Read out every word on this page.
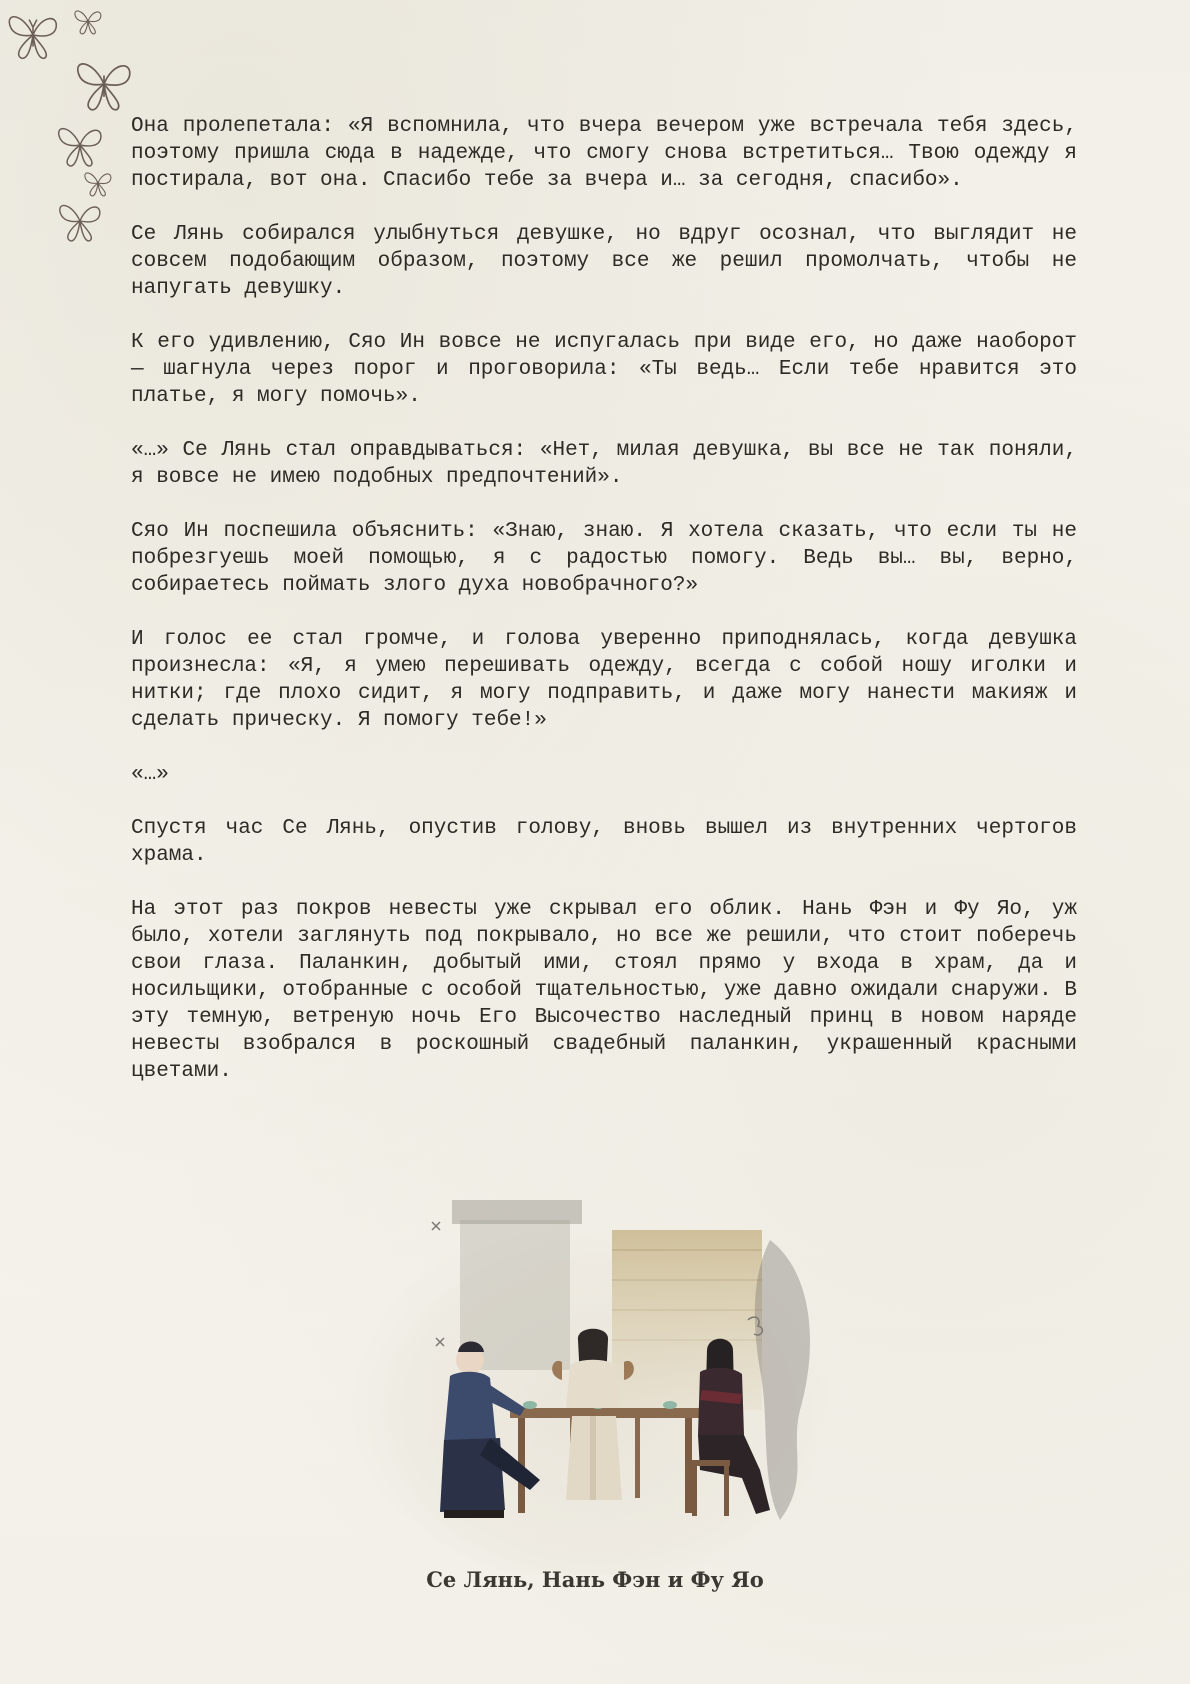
Она пролепетала: «Я вспомнила, что вчера вечером уже встречала тебя здесь, поэтому пришла сюда в надежде, что смогу снова встретиться… Твою одежду я постирала, вот она. Спасибо тебе за вчера и… за сегодня, спасибо».

Се Лянь собирался улыбнуться девушке, но вдруг осознал, что выглядит не совсем подобающим образом, поэтому все же решил промолчать, чтобы не напугать девушку.

К его удивлению, Сяо Ин вовсе не испугалась при виде его, но даже наоборот — шагнула через порог и проговорила: «Ты ведь… Если тебе нравится это платье, я могу помочь».

«…» Се Лянь стал оправдываться: «Нет, милая девушка, вы все не так поняли, я вовсе не имею подобных предпочтений».

Сяо Ин поспешила объяснить: «Знаю, знаю. Я хотела сказать, что если ты не побрезгуешь моей помощью, я с радостью помогу. Ведь вы… вы, верно, собираетесь поймать злого духа новобрачного?»

И голос ее стал громче, и голова уверенно приподнялась, когда девушка произнесла: «Я, я умею перешивать одежду, всегда с собой ношу иголки и нитки; где плохо сидит, я могу подправить, и даже могу нанести макияж и сделать прическу. Я помогу тебе!»

«…»

Спустя час Се Лянь, опустив голову, вновь вышел из внутренних чертогов храма.

На этот раз покров невесты уже скрывал его облик. Нань Фэн и Фу Яо, уж было, хотели заглянуть под покрывало, но все же решили, что стоит поберечь свои глаза. Паланкин, добытый ими, стоял прямо у входа в храм, да и носильщики, отобранные с особой тщательностью, уже давно ожидали снаружи. В эту темную, ветреную ночь Его Высочество наследный принц в новом наряде невесты взобрался в роскошный свадебный паланкин, украшенный красными цветами.

Се Лянь, Нань Фэн и Фу Яо
